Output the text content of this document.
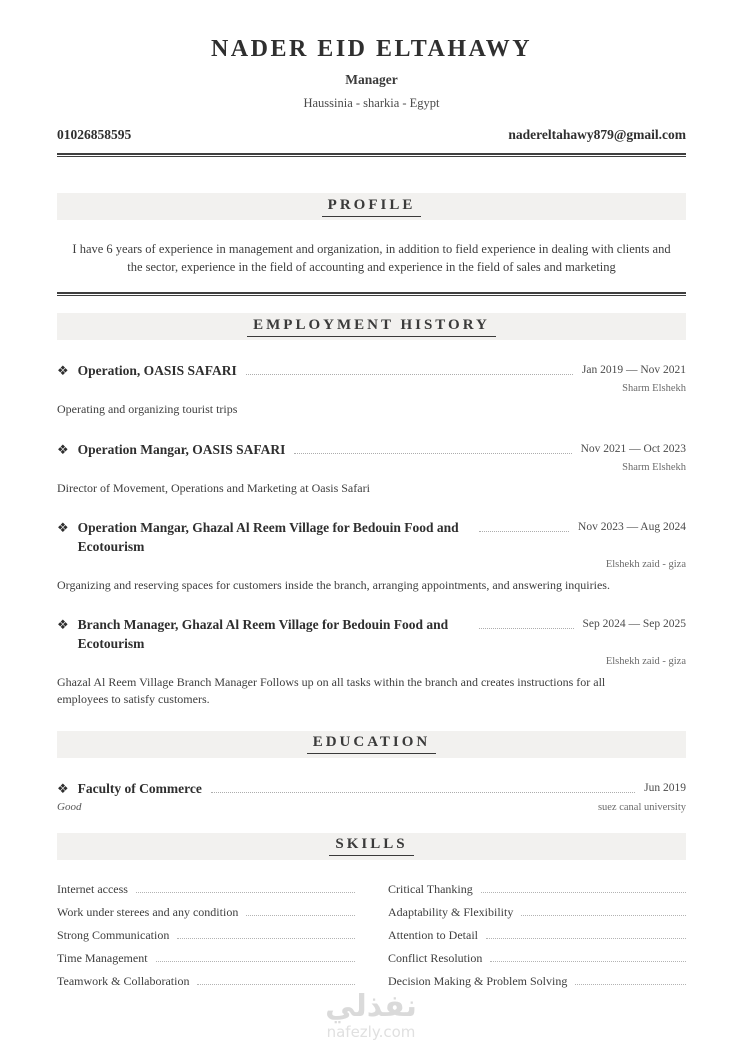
NADER EID ELTAHAWY
Manager
Haussinia - sharkia - Egypt
01026858595	nadereltahawy879@gmail.com
PROFILE
I have 6 years of experience in management and organization, in addition to field experience in dealing with clients and the sector, experience in the field of accounting and experience in the field of sales and marketing
EMPLOYMENT HISTORY
❖ Operation, OASIS SAFARI	Jan 2019 — Nov 2021
Sharm Elshekh
Operating and organizing tourist trips
❖ Operation Mangar, OASIS SAFARI	Nov 2021 — Oct 2023
Sharm Elshekh
Director of Movement, Operations and Marketing at Oasis Safari
❖ Operation Mangar, Ghazal Al Reem Village for Bedouin Food and Ecotourism
Nov 2023 — Aug 2024
Elshekh zaid - giza
Organizing and reserving spaces for customers inside the branch, arranging appointments, and answering inquiries.
❖ Branch Manager, Ghazal Al Reem Village for Bedouin Food and Ecotourism
Sep 2024 — Sep 2025
Elshekh zaid - giza
Ghazal Al Reem Village Branch Manager Follows up on all tasks within the branch and creates instructions for all employees to satisfy customers.
EDUCATION
❖ Faculty of Commerce	Jun 2019
Good	suez canal university
SKILLS
Internet access	Critical Thanking
Work under sterees and any condition	Adaptability & Flexibility
Strong Communication	Attention to Detail
Time Management	Conflict Resolution
Teamwork & Collaboration	Decision Making & Problem Solving
نفذلي
nafezly.com
